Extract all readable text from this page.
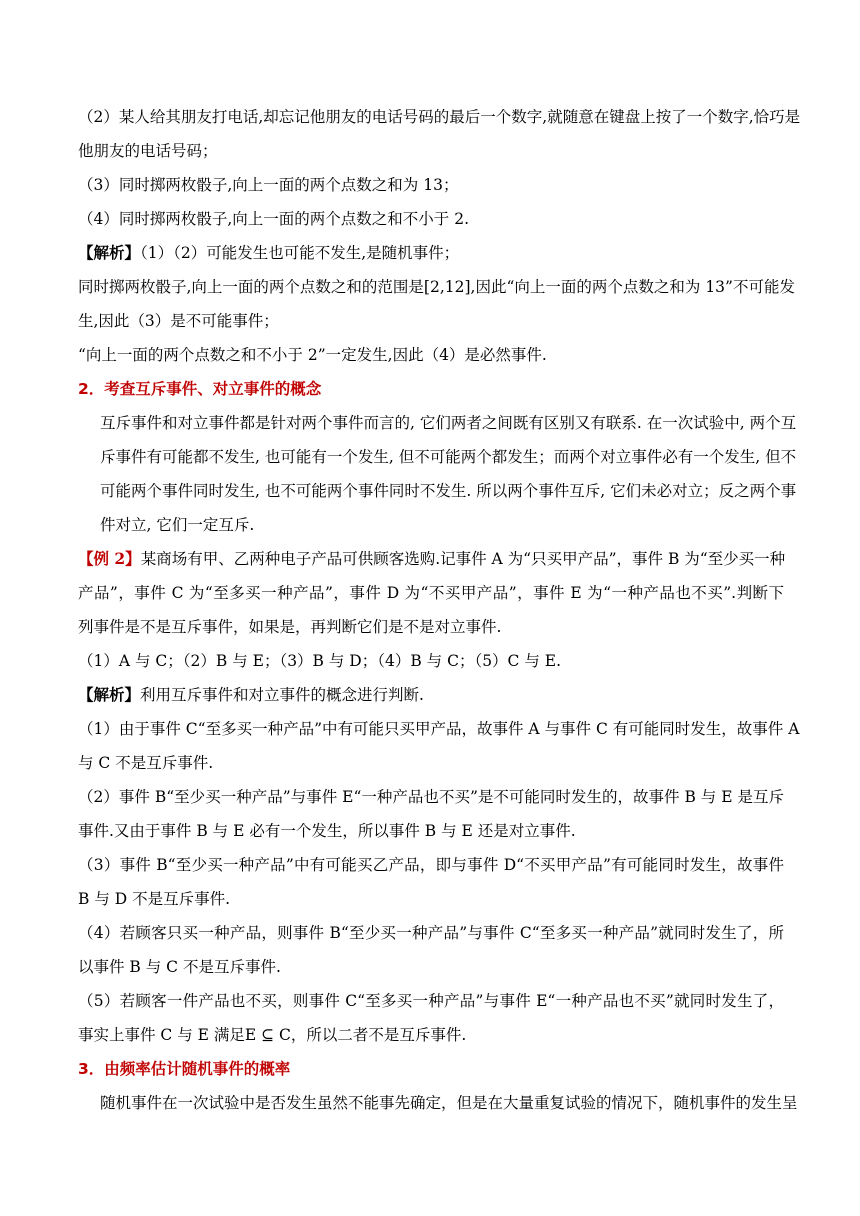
（2）某人给其朋友打电话,却忘记他朋友的电话号码的最后一个数字,就随意在键盘上按了一个数字,恰巧是
他朋友的电话号码；
（3）同时掷两枚骰子,向上一面的两个点数之和为 13；
（4）同时掷两枚骰子,向上一面的两个点数之和不小于 2.
【解析】（1）（2）可能发生也可能不发生,是随机事件；
同时掷两枚骰子,向上一面的两个点数之和的范围是[2,12],因此“向上一面的两个点数之和为 13”不可能发
生,因此（3）是不可能事件；
“向上一面的两个点数之和不小于 2”一定发生,因此（4）是必然事件.
2．考查互斥事件、对立事件的概念
互斥事件和对立事件都是针对两个事件而言的, 它们两者之间既有区别又有联系. 在一次试验中, 两个互
斥事件有可能都不发生, 也可能有一个发生, 但不可能两个都发生；而两个对立事件必有一个发生, 但不
可能两个事件同时发生, 也不可能两个事件同时不发生. 所以两个事件互斥, 它们未必对立；反之两个事
件对立, 它们一定互斥.
【例 2】某商场有甲、乙两种电子产品可供顾客选购.记事件 A 为“只买甲产品”，事件 B 为“至少买一种
产品”，事件 C 为“至多买一种产品”，事件 D 为“不买甲产品”，事件 E 为“一种产品也不买”.判断下
列事件是不是互斥事件，如果是，再判断它们是不是对立事件.
（1）A 与 C；（2）B 与 E；（3）B 与 D；（4）B 与 C；（5）C 与 E.
【解析】利用互斥事件和对立事件的概念进行判断.
（1）由于事件 C“至多买一种产品”中有可能只买甲产品，故事件 A 与事件 C 有可能同时发生，故事件 A
与 C 不是互斥事件.
（2）事件 B“至少买一种产品”与事件 E“一种产品也不买”是不可能同时发生的，故事件 B 与 E 是互斥
事件.又由于事件 B 与 E 必有一个发生，所以事件 B 与 E 还是对立事件.
（3）事件 B“至少买一种产品”中有可能买乙产品，即与事件 D“不买甲产品”有可能同时发生，故事件
B 与 D 不是互斥事件.
（4）若顾客只买一种产品，则事件 B“至少买一种产品”与事件 C“至多买一种产品”就同时发生了，所
以事件 B 与 C 不是互斥事件.
（5）若顾客一件产品也不买，则事件 C“至多买一种产品”与事件 E“一种产品也不买”就同时发生了，
事实上事件 C 与 E 满足E ⊆ C，所以二者不是互斥事件.
3．由频率估计随机事件的概率
随机事件在一次试验中是否发生虽然不能事先确定，但是在大量重复试验的情况下，随机事件的发生呈
